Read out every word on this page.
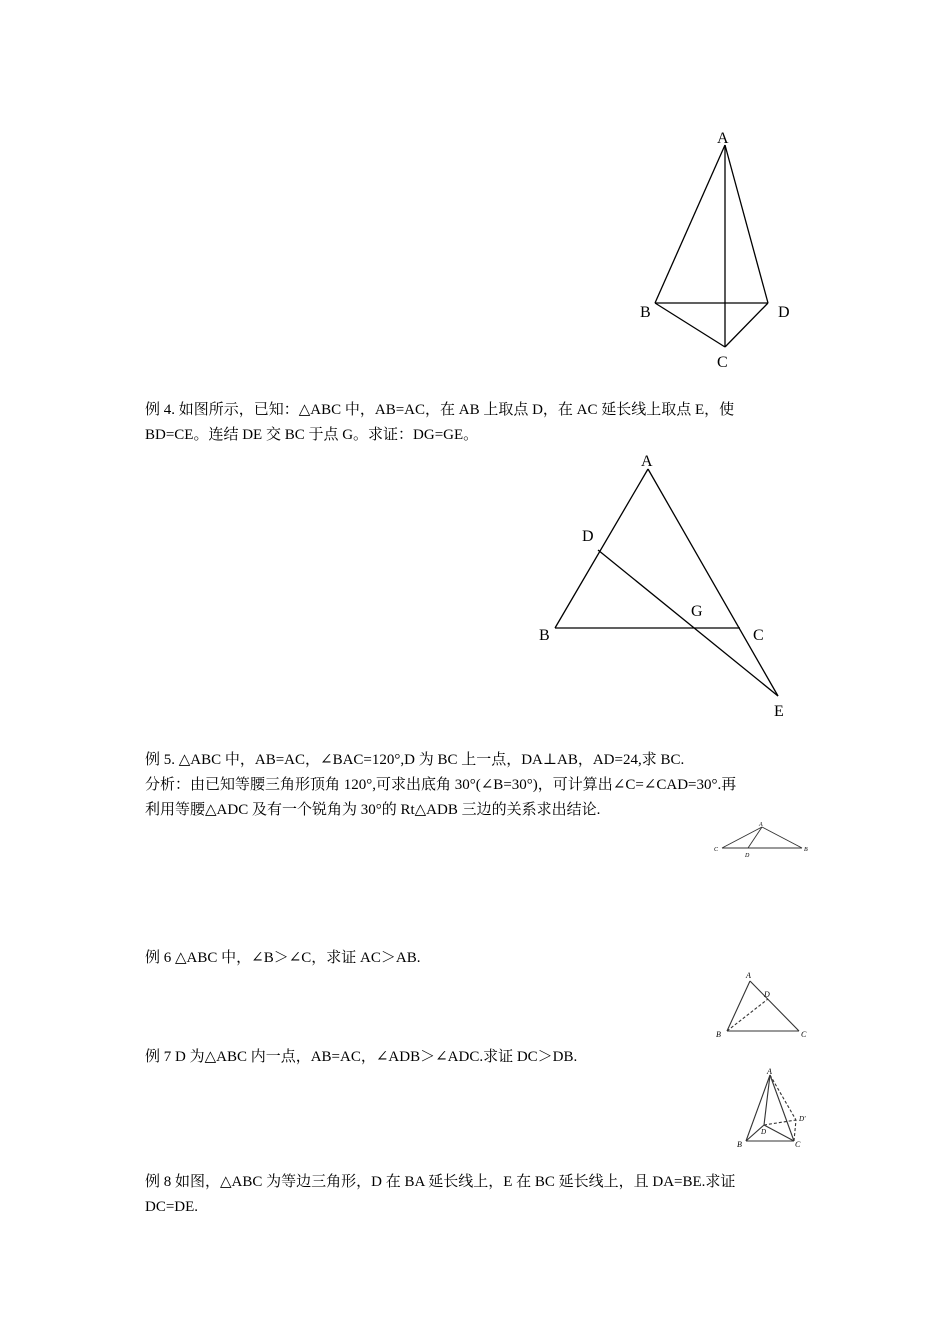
A
B	D
C
例 4. 如图所示，已知：△ABC 中，AB=AC，在 AB 上取点 D，在 AC 延长线上取点 E，使
BD=CE。连结 DE 交 BC 于点 G。求证：DG=GE。
A
D
G
B	C
E
例 5. △ABC 中，AB=AC，∠BAC=120°,D 为 BC 上一点，DA⊥AB，AD=24,求 BC.
分析：由已知等腰三角形顶角 120°,可求出底角 30°(∠B=30°)，可计算出∠C=∠CAD=30°.再
利用等腰△ADC 及有一个锐角为 30°的 Rt△ADB 三边的关系求出结论.
A
C
D
B
例 6 △ABC 中，∠B＞∠C，求证 AC＞AB.
A
D
B	C
例 7 D 为△ABC 内一点，AB=AC，∠ADB＞∠ADC.求证 DC＞DB.
A
D'
D
B	C
例 8 如图，△ABC 为等边三角形，D 在 BA 延长线上，E 在 BC 延长线上，且 DA=BE.求证
DC=DE.
